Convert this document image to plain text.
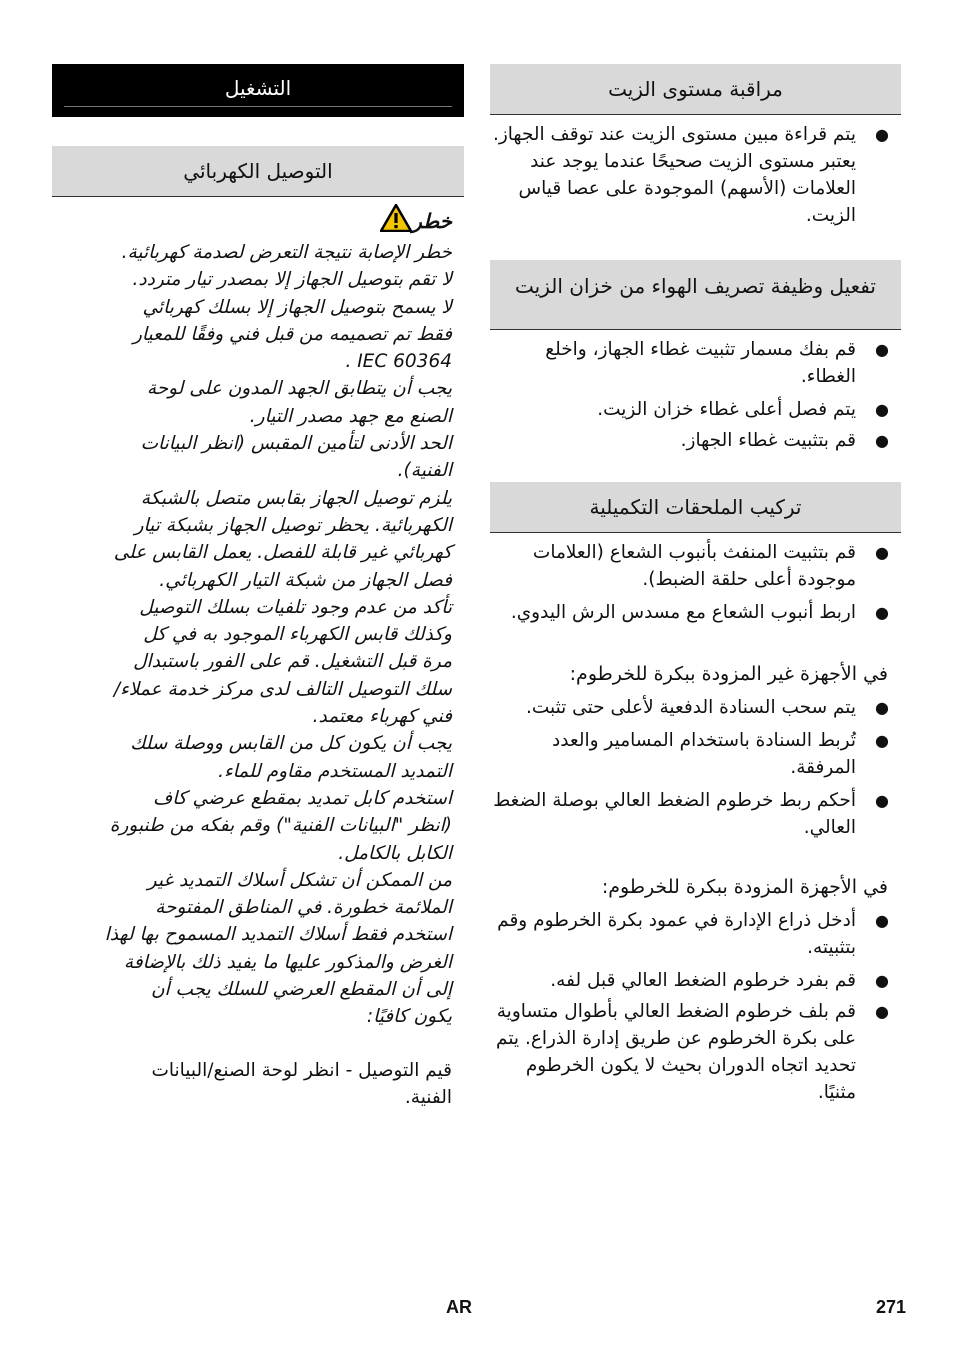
التشغيل
التوصيل الكهربائي
خطر

خطر الإصابة نتيجة التعرض لصدمة كهربائية.

لا تقم بتوصيل الجهاز إلا بمصدر تيار متردد.

لا يسمح بتوصيل الجهاز إلا بسلك كهربائي

فقط تم تصميمه من قبل فني وفقًا للمعيار

IEC 60364 .

يجب أن يتطابق الجهد المدون على لوحة

الصنع مع جهد مصدر التيار.

الحد الأدنى لتأمين المقبس (انظر البيانات

الفنية).

يلزم توصيل الجهاز بقابس متصل بالشبكة

الكهربائية. يحظر توصيل الجهاز بشبكة تيار

كهربائي غير قابلة للفصل. يعمل القابس على

فصل الجهاز من شبكة التيار الكهربائي.

تأكد من عدم وجود تلفيات بسلك التوصيل

وكذلك قابس الكهرباء الموجود به في كل

مرة قبل التشغيل. قم على الفور باستبدال

سلك التوصيل التالف لدى مركز خدمة عملاء/

فني كهرباء معتمد.

يجب أن يكون كل من القابس ووصلة سلك

التمديد المستخدم مقاوم للماء.

استخدم كابل تمديد بمقطع عرضي كاف

(انظر "البيانات الفنية") وقم بفكه من طنبورة

الكابل بالكامل.

من الممكن أن تشكل أسلاك التمديد غير

الملائمة خطورة. في المناطق المفتوحة

استخدم فقط أسلاك التمديد المسموح بها لهذا

الغرض والمذكور عليها ما يفيد ذلك بالإضافة

إلى أن المقطع العرضي للسلك يجب أن

يكون كافيًا:

قيم التوصيل - انظر لوحة الصنع/البيانات الفنية.
مراقبة مستوى الزيت
●
يتم قراءة مبين مستوى الزيت عند توقف الجهاز. يعتبر مستوى الزيت صحيحًا عندما يوجد عند العلامات (الأسهم) الموجودة على عصا قياس الزيت.
تفعيل وظيفة تصريف الهواء من خزان الزيت
●
قم بفك مسمار تثبيت غطاء الجهاز، واخلع الغطاء.
●
يتم فصل أعلى غطاء خزان الزيت.
●
قم بتثبيت غطاء الجهاز.
تركيب الملحقات التكميلية
●
قم بتثبيت المنفث بأنبوب الشعاع (العلامات موجودة أعلى حلقة الضبط).
●
اربط أنبوب الشعاع مع مسدس الرش اليدوي.
في الأجهزة غير المزودة ببكرة للخرطوم:
●
يتم سحب السنادة الدفعية لأعلى حتى تثبت.
●
تُربط السنادة باستخدام المسامير والعدد المرفقة.
●
أحكم ربط خرطوم الضغط العالي بوصلة الضغط العالي.
في الأجهزة المزودة ببكرة للخرطوم:
●
أدخل ذراع الإدارة في عمود بكرة الخرطوم وقم بتثبيته.
●
قم بفرد خرطوم الضغط العالي قبل لفه.
●
قم بلف خرطوم الضغط العالي بأطوال متساوية على بكرة الخرطوم عن طريق إدارة الذراع. يتم تحديد اتجاه الدوران بحيث لا يكون الخرطوم مثنيًا.
AR	271
